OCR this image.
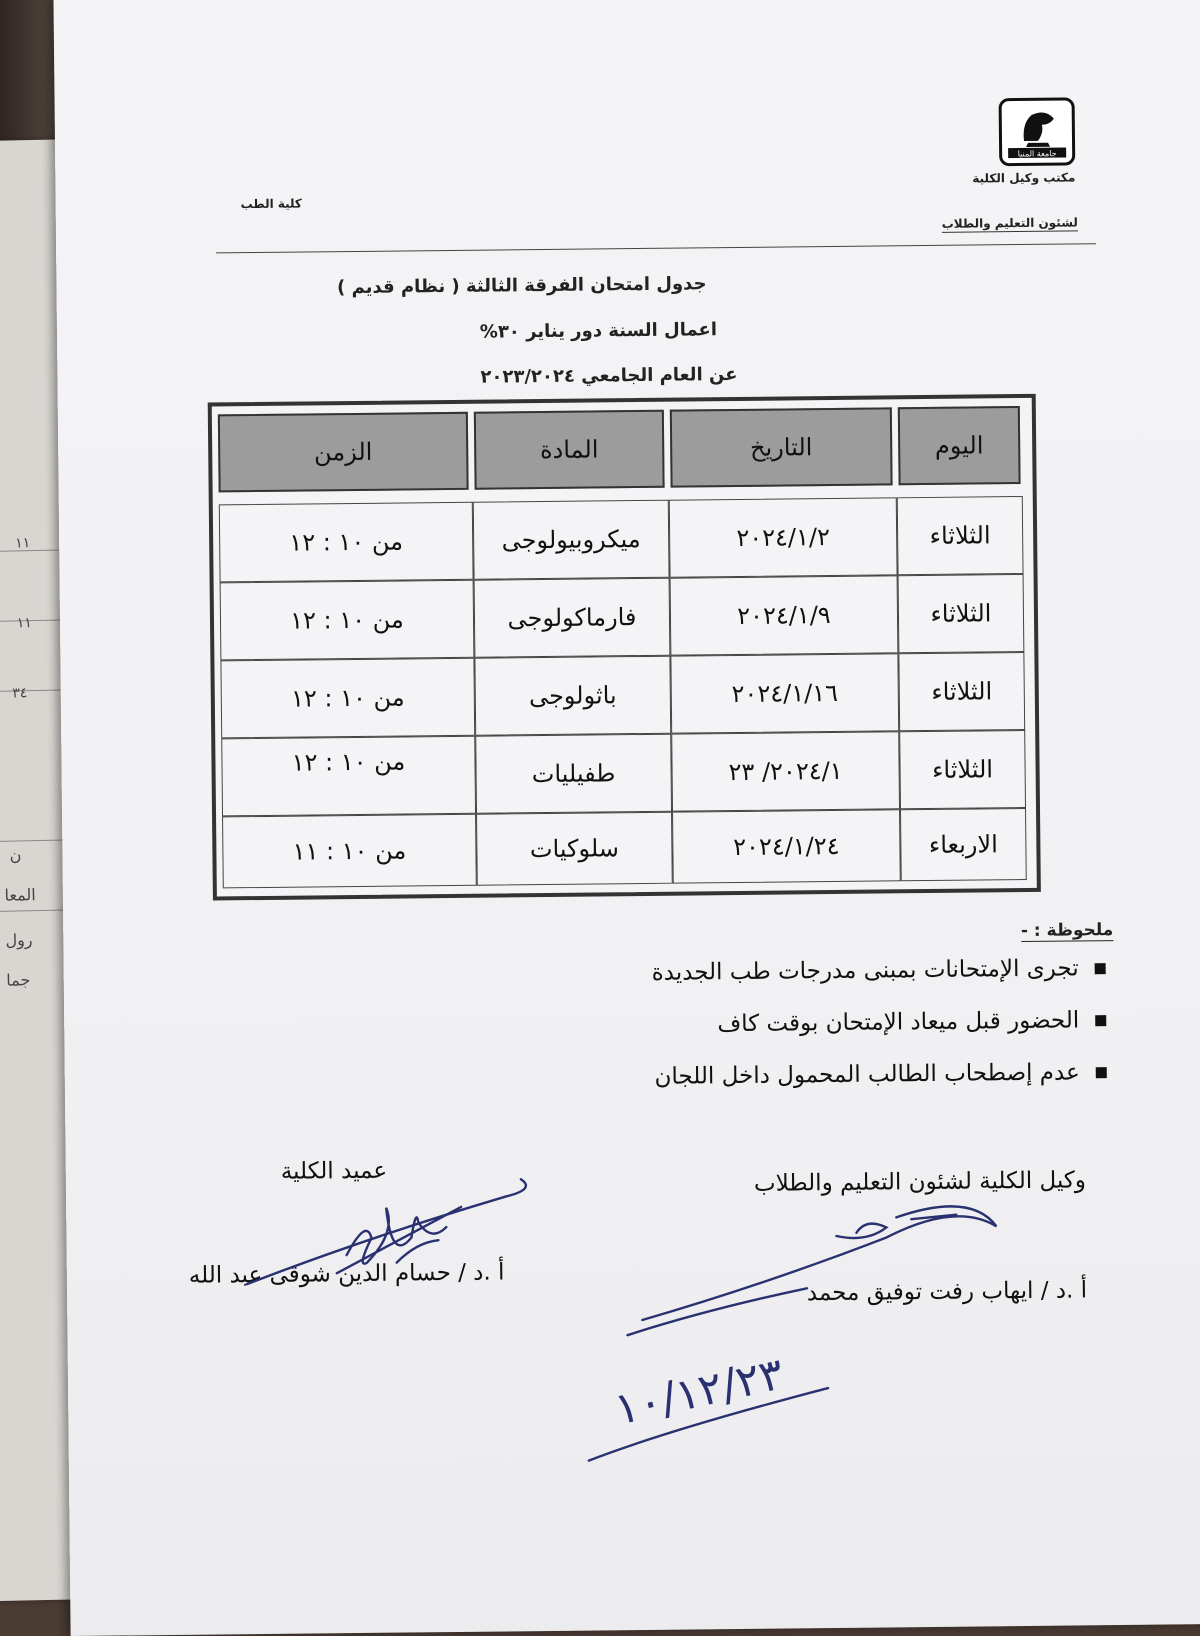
١١
١١
٣٤
ن
المعا
رول
جما
جامعة المنيا
مكتب وكيل الكلية
لشئون التعليم والطلاب
كلية الطب
جدول امتحان الفرقة الثالثة ( نظام قديم )
اعمال السنة دور يناير ٣٠%
عن العام الجامعي ٢٠٢٣/٢٠٢٤
الزمن	المادة	التاريخ	اليوم
من ١٠ : ١٢	ميكروبيولوجى	٢٠٢٤/١/٢	الثلاثاء
من ١٠ : ١٢	فارماكولوجى	٢٠٢٤/١/٩	الثلاثاء
من ١٠ : ١٢	باثولوجى	٢٠٢٤/١/١٦	الثلاثاء
من ١٠ : ١٢	طفيليات	٢٠٢٤/١/ ٢٣	الثلاثاء
من ١٠ : ١١	سلوكيات	٢٠٢٤/١/٢٤	الاربعاء
ملحوظة : -
تجرى الإمتحانات بمبنى مدرجات طب الجديدة
الحضور قبل ميعاد الإمتحان بوقت كاف
عدم إصطحاب الطالب المحمول داخل اللجان
وكيل الكلية لشئون التعليم والطلاب
أ .د / ايهاب رفت توفيق محمد
عميد الكلية
أ .د / حسام الدين شوقى عبد الله
١٠/١٢/٢٣
